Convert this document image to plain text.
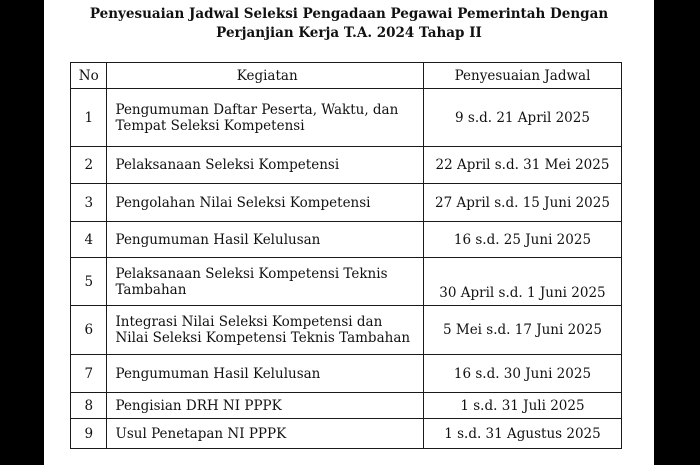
Penyesuaian Jadwal Seleksi Pengadaan Pegawai Pemerintah Dengan
Perjanjian Kerja T.A. 2024 Tahap II
No	Kegiatan	Penyesuaian Jadwal
1	Pengumuman Daftar Peserta, Waktu, dan Tempat Seleksi Kompetensi	9 s.d. 21 April 2025
2	Pelaksanaan Seleksi Kompetensi	22 April s.d. 31 Mei 2025
3	Pengolahan Nilai Seleksi Kompetensi	27 April s.d. 15 Juni 2025
4	Pengumuman Hasil Kelulusan	16 s.d. 25 Juni 2025
5	Pelaksanaan Seleksi Kompetensi Teknis Tambahan	30 April s.d. 1 Juni 2025
6	Integrasi Nilai Seleksi Kompetensi dan Nilai Seleksi Kompetensi Teknis Tambahan	5 Mei s.d. 17 Juni 2025
7	Pengumuman Hasil Kelulusan	16 s.d. 30 Juni 2025
8	Pengisian DRH NI PPPK	1 s.d. 31 Juli 2025
9	Usul Penetapan NI PPPK	1 s.d. 31 Agustus 2025
